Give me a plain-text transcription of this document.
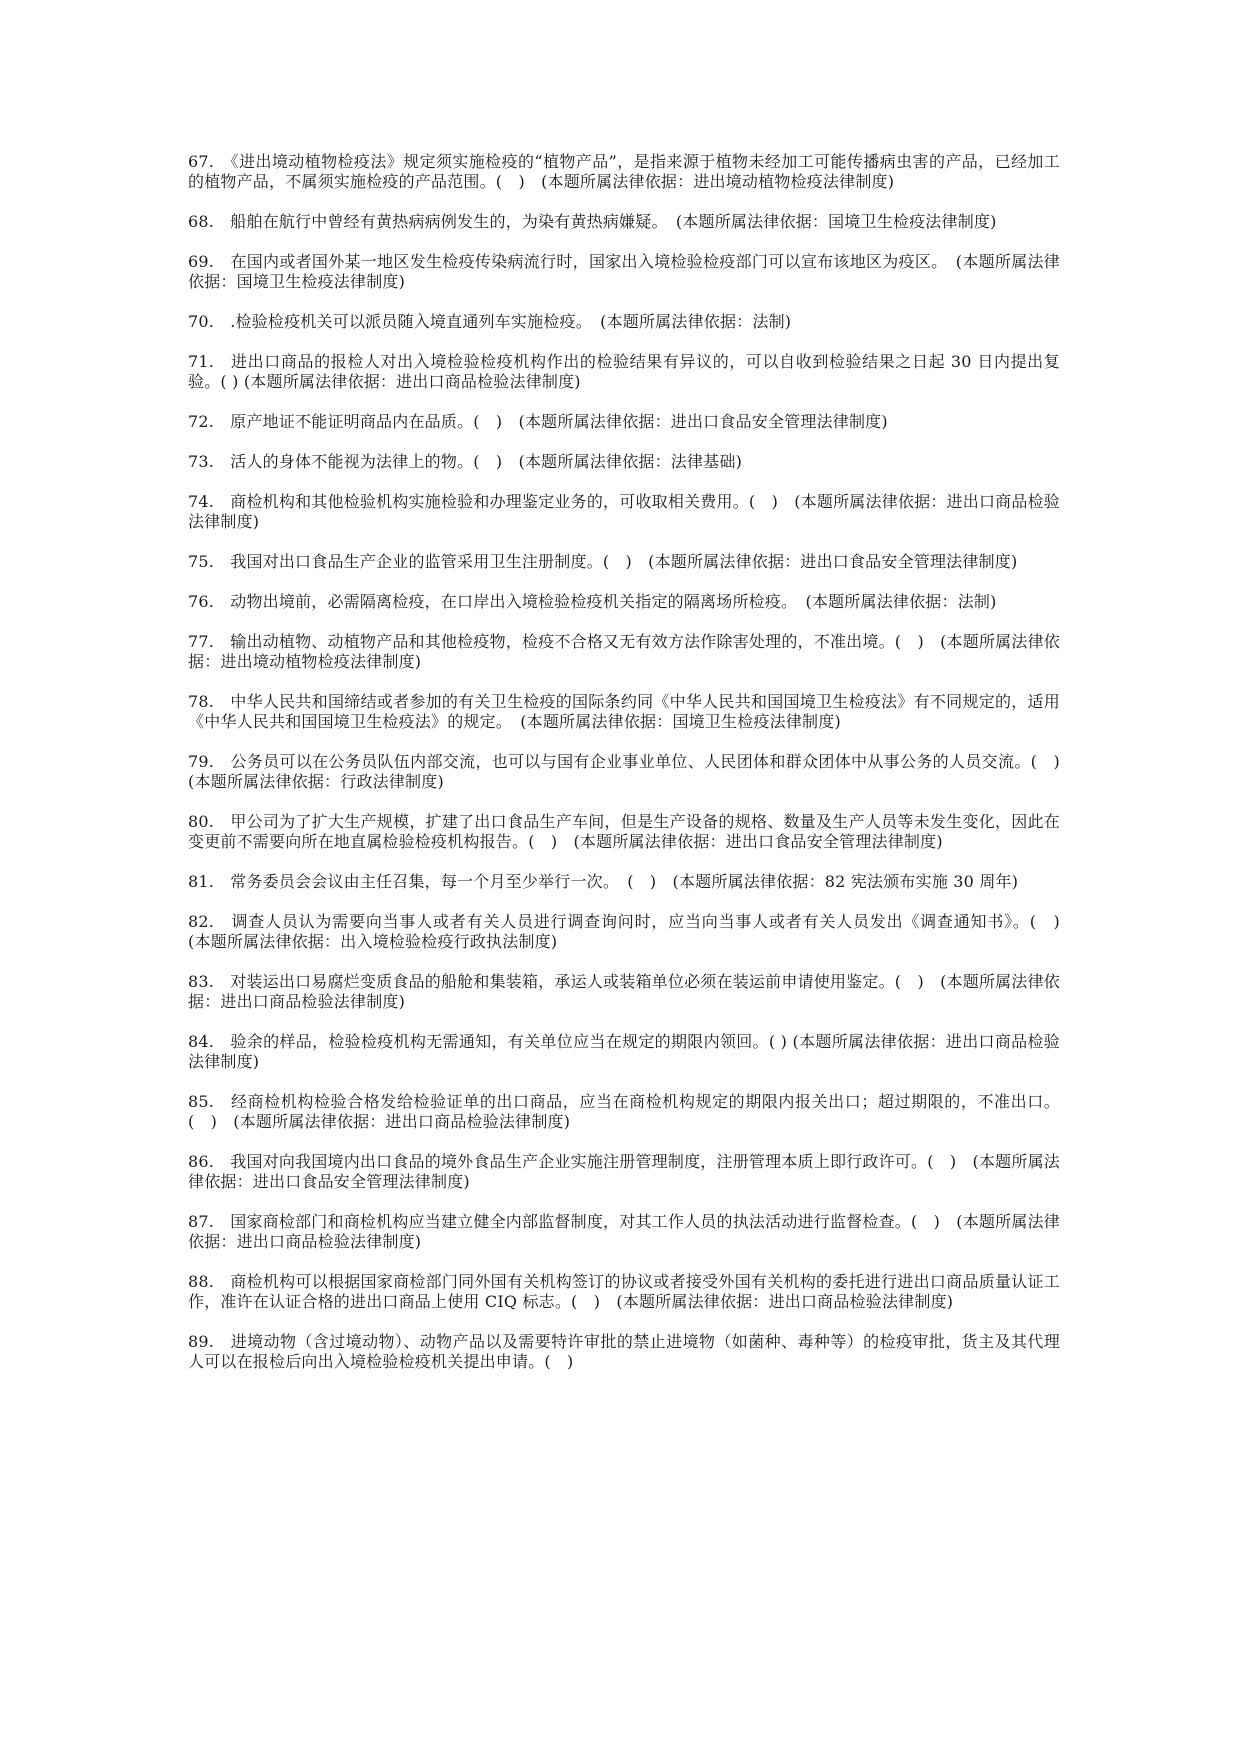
67.　《进出境动植物检疫法》规定须实施检疫的“植物产品”，是指来源于植物未经加工可能传播病虫害的产品，已经加工的植物产品，不属须实施检疫的产品范围。(　)　(本题所属法律依据：进出境动植物检疫法律制度)

68.　船舶在航行中曾经有黄热病病例发生的，为染有黄热病嫌疑。　(本题所属法律依据：国境卫生检疫法律制度)

69.　在国内或者国外某一地区发生检疫传染病流行时，国家出入境检验检疫部门可以宣布该地区为疫区。　(本题所属法律依据：国境卫生检疫法律制度)

70.　.检验检疫机关可以派员随入境直通列车实施检疫。　(本题所属法律依据：法制)

71.　进出口商品的报检人对出入境检验检疫机构作出的检验结果有异议的，可以自收到检验结果之日起 30 日内提出复验。( ) (本题所属法律依据：进出口商品检验法律制度)

72.　原产地证不能证明商品内在品质。(　)　(本题所属法律依据：进出口食品安全管理法律制度)

73.　活人的身体不能视为法律上的物。(　)　(本题所属法律依据：法律基础)

74.　商检机构和其他检验机构实施检验和办理鉴定业务的，可收取相关费用。(　)　(本题所属法律依据：进出口商品检验法律制度)

75.　我国对出口食品生产企业的监管采用卫生注册制度。(　)　(本题所属法律依据：进出口食品安全管理法律制度)

76.　动物出境前，必需隔离检疫，在口岸出入境检验检疫机关指定的隔离场所检疫。　(本题所属法律依据：法制)

77.　输出动植物、动植物产品和其他检疫物，检疫不合格又无有效方法作除害处理的，不准出境。(　)　(本题所属法律依据：进出境动植物检疫法律制度)

78.　中华人民共和国缔结或者参加的有关卫生检疫的国际条约同《中华人民共和国国境卫生检疫法》有不同规定的，适用《中华人民共和国国境卫生检疫法》的规定。　(本题所属法律依据：国境卫生检疫法律制度)

79.　公务员可以在公务员队伍内部交流，也可以与国有企业事业单位、人民团体和群众团体中从事公务的人员交流。(　)　(本题所属法律依据：行政法律制度)

80.　甲公司为了扩大生产规模，扩建了出口食品生产车间，但是生产设备的规格、数量及生产人员等未发生变化，因此在变更前不需要向所在地直属检验检疫机构报告。(　)　(本题所属法律依据：进出口食品安全管理法律制度)

81.　常务委员会会议由主任召集，每一个月至少举行一次。　(　)　(本题所属法律依据：82 宪法颁布实施 30 周年)

82.　调查人员认为需要向当事人或者有关人员进行调查询问时，应当向当事人或者有关人员发出《调查通知书》。(　)　(本题所属法律依据：出入境检验检疫行政执法制度)

83.　对装运出口易腐烂变质食品的船舱和集装箱，承运人或装箱单位必须在装运前申请使用鉴定。(　)　(本题所属法律依据：进出口商品检验法律制度)

84.　验余的样品，检验检疫机构无需通知，有关单位应当在规定的期限内领回。( ) (本题所属法律依据：进出口商品检验法律制度)

85.　经商检机构检验合格发给检验证单的出口商品，应当在商检机构规定的期限内报关出口；超过期限的，不准出口。(　)　(本题所属法律依据：进出口商品检验法律制度)

86.　我国对向我国境内出口食品的境外食品生产企业实施注册管理制度，注册管理本质上即行政许可。(　)　(本题所属法律依据：进出口食品安全管理法律制度)

87.　国家商检部门和商检机构应当建立健全内部监督制度，对其工作人员的执法活动进行监督检查。(　)　(本题所属法律依据：进出口商品检验法律制度)

88.　商检机构可以根据国家商检部门同外国有关机构签订的协议或者接受外国有关机构的委托进行进出口商品质量认证工作，准许在认证合格的进出口商品上使用 CIQ 标志。(　)　(本题所属法律依据：进出口商品检验法律制度)

89.　进境动物（含过境动物）、动物产品以及需要特许审批的禁止进境物（如菌种、毒种等）的检疫审批，货主及其代理人可以在报检后向出入境检验检疫机关提出申请。(　)
